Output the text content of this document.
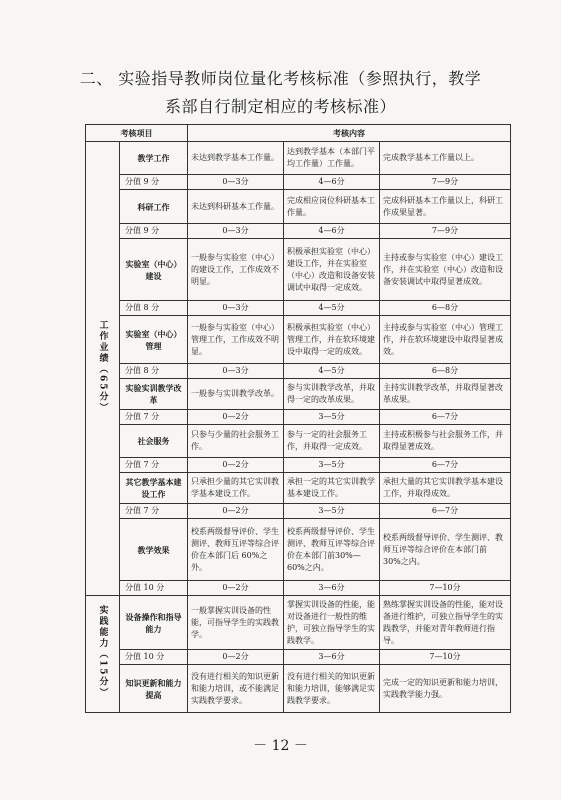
二、 实验指导教师岗位量化考核标准（参照执行，教学
系部自行制定相应的考核标准）
考核项目		考核内容		
工作业绩（65分）	教学工作	未达到教学基本工作量。	达到教学基本（本部门平均工作量）工作量。	完成教学基本工作量以上。
	分值 9 分	0—3分	4—6分	7—9分
	科研工作	未达到科研基本工作量。	完成相应岗位科研基本工作量。	完成科研基本工作量以上，科研工作成果显著。
	分值 9 分	0—3分	4—6分	7—9分
	实验室（中心）建设	一般参与实验室（中心）的建设工作，工作成效不明显。	积极承担实验室（中心）建设工作，并在实验室（中心）改造和设备安装调试中取得一定成效。	主持或参与实验室（中心）建设工作，并在实验室（中心）改造和设备安装调试中取得显著成效。
	分值 8 分	0—3分	4—5分	6—8分
	实验室（中心）管理	一般参与实验室（中心）管理工作，工作成效不明显。	积极承担实验室（中心）管理工作，并在软环境建设中取得一定的成效。	主持或参与实验室（中心）管理工作，并在软环境建设中取得显著成效。
	分值 8 分	0—3分	4—5分	6—8分
	实验实训教学改革	一般参与实训教学改革。	参与实训教学改革，并取得一定的改革成果。	主持实训教学改革，并取得显著改革成果。
	分值 7 分	0—2分	3—5分	6—7分
	社会服务	只参与少量的社会服务工作。	参与一定的社会服务工作，并取得一定成效。	主持或积极参与社会服务工作，并取得显著成效。
	分值 7 分	0—2分	3—5分	6—7分
	其它教学基本建设工作	只承担少量的其它实训教学基本建设工作。	承担一定的其它实训教学基本建设工作。	承担大量的其它实训教学基本建设工作，并取得成效。
	分值 7 分	0—2分	3—5分	6—7分
	教学效果	校系两级督导评价、学生测评、教师互评等综合评价在本部门后 60%之外。	校系两级督导评价、学生测评、教师互评等综合评价在本部门前30%—60%之内。	校系两级督导评价、学生测评、教师互评等综合评价在本部门前 30%之内。
	分值 10 分	0—2分	3—6分	7—10分
实践能力（15分）	设备操作和指导能力	一般掌握实训设备的性能，可指导学生的实践教学。	掌握实训设备的性能，能对设备进行一般性的维护，可独立指导学生的实践教学。	熟练掌握实训设备的性能，能对设备进行维护，可独立指导学生的实践教学，并能对青年教师进行指导。
	分值 10 分	0—2分	3—6分	7—10分
	知识更新和能力提高	没有进行相关的知识更新和能力培训，或不能满足实践教学要求。	没有进行相关的知识更新和能力培训，能够满足实践教学要求。	完成一定的知识更新和能力培训，实践教学能力强。
－ 12 －
